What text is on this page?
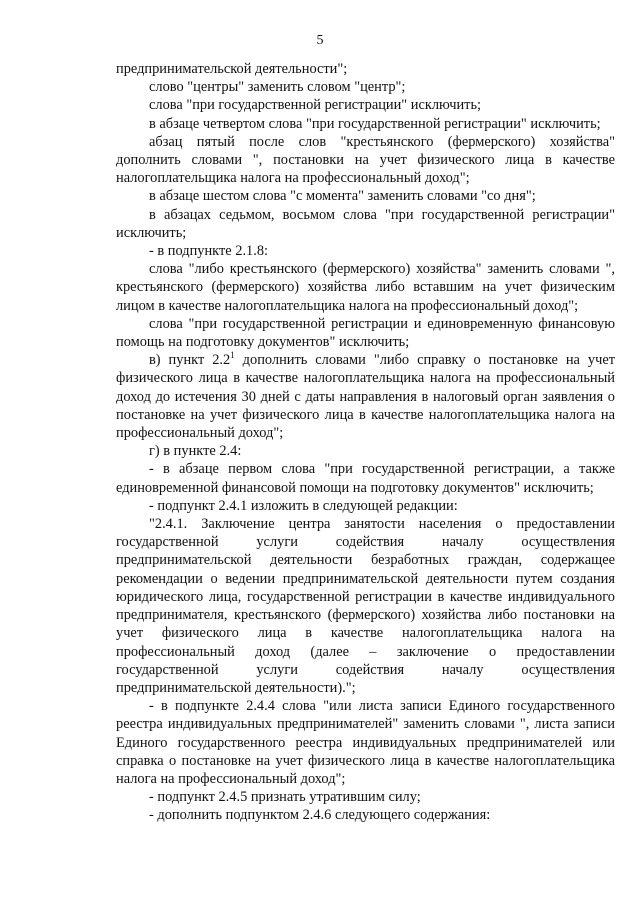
5

предпринимательской деятельности";

слово "центры" заменить словом "центр";

слова "при государственной регистрации" исключить;

в абзаце четвертом слова "при государственной регистрации" исключить;

абзац пятый после слов "крестьянского (фермерского) хозяйства" дополнить словами ", постановки на учет физического лица в качестве налогоплательщика налога на профессиональный доход";

в абзаце шестом слова "с момента" заменить словами "со дня";

в абзацах седьмом, восьмом слова "при государственной регистрации" исключить;

- в подпункте 2.1.8:

слова "либо крестьянского (фермерского) хозяйства" заменить словами ", крестьянского (фермерского) хозяйства либо вставшим на учет физическим лицом в качестве налогоплательщика налога на профессиональный доход";

слова "при государственной регистрации и единовременную финансовую помощь на подготовку документов" исключить;

в) пункт $2.2^1$ дополнить словами "либо справку о постановке на учет физического лица в качестве налогоплательщика налога на профессиональный доход до истечения 30 дней с даты направления в налоговый орган заявления о постановке на учет физического лица в качестве налогоплательщика налога на профессиональный доход";

г) в пункте 2.4:

- в абзаце первом слова "при государственной регистрации, а также единовременной финансовой помощи на подготовку документов" исключить;

- подпункт 2.4.1 изложить в следующей редакции:

"2.4.1. Заключение центра занятости населения о предоставлении государственной услуги содействия началу осуществления предпринимательской деятельности безработных граждан, содержащее рекомендации о ведении предпринимательской деятельности путем создания юридического лица, государственной регистрации в качестве индивидуального предпринимателя, крестьянского (фермерского) хозяйства либо постановки на учет физического лица в качестве налогоплательщика налога на профессиональный доход (далее – заключение о предоставлении государственной услуги содействия началу осуществления предпринимательской деятельности).";

- в подпункте 2.4.4 слова "или листа записи Единого государственного реестра индивидуальных предпринимателей" заменить словами ", листа записи Единого государственного реестра индивидуальных предпринимателей или справка о постановке на учет физического лица в качестве налогоплательщика налога на профессиональный доход";

- подпункт 2.4.5 признать утратившим силу;

- дополнить подпунктом 2.4.6 следующего содержания:
